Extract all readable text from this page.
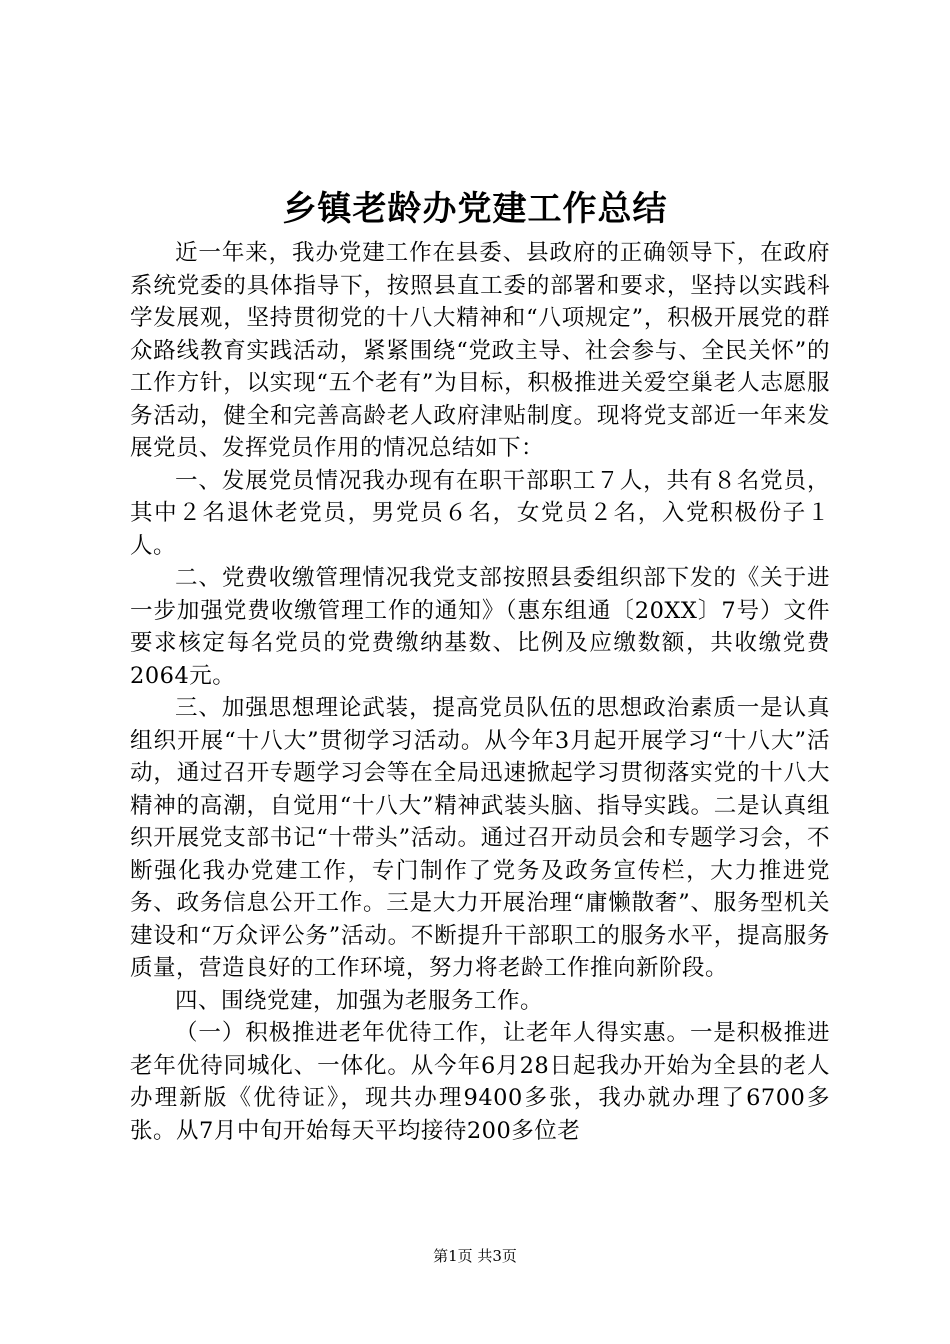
乡镇老龄办党建工作总结

近一年来，我办党建工作在县委、县政府的正确领导下，在政府系统党委的具体指导下，按照县直工委的部署和要求，坚持以实践科学发展观，坚持贯彻党的十八大精神和“八项规定”，积极开展党的群众路线教育实践活动，紧紧围绕“党政主导、社会参与、全民关怀”的工作方针，以实现“五个老有”为目标，积极推进关爱空巢老人志愿服务活动，健全和完善高龄老人政府津贴制度。现将党支部近一年来发展党员、发挥党员作用的情况总结如下：

一、发展党员情况我办现有在职干部职工７人，共有８名党员，其中２名退休老党员，男党员６名，女党员２名，入党积极份子１人。

二、党费收缴管理情况我党支部按照县委组织部下发的《关于进一步加强党费收缴管理工作的通知》（惠东组通〔20XX〕7号）文件要求核定每名党员的党费缴纳基数、比例及应缴数额，共收缴党费2064元。

三、加强思想理论武装，提高党员队伍的思想政治素质一是认真组织开展“十八大”贯彻学习活动。从今年3月起开展学习“十八大”活动，通过召开专题学习会等在全局迅速掀起学习贯彻落实党的十八大精神的高潮，自觉用“十八大”精神武装头脑、指导实践。二是认真组织开展党支部书记“十带头”活动。通过召开动员会和专题学习会，不断强化我办党建工作，专门制作了党务及政务宣传栏，大力推进党务、政务信息公开工作。三是大力开展治理“庸懒散奢”、服务型机关建设和“万众评公务”活动。不断提升干部职工的服务水平，提高服务质量，营造良好的工作环境，努力将老龄工作推向新阶段。

四、围绕党建，加强为老服务工作。

（一）积极推进老年优待工作，让老年人得实惠。一是积极推进老年优待同城化、一体化。从今年6月28日起我办开始为全县的老人办理新版《优待证》，现共办理9400多张，我办就办理了6700多张。从7月中旬开始每天平均接待200多位老

第1页 共3页
